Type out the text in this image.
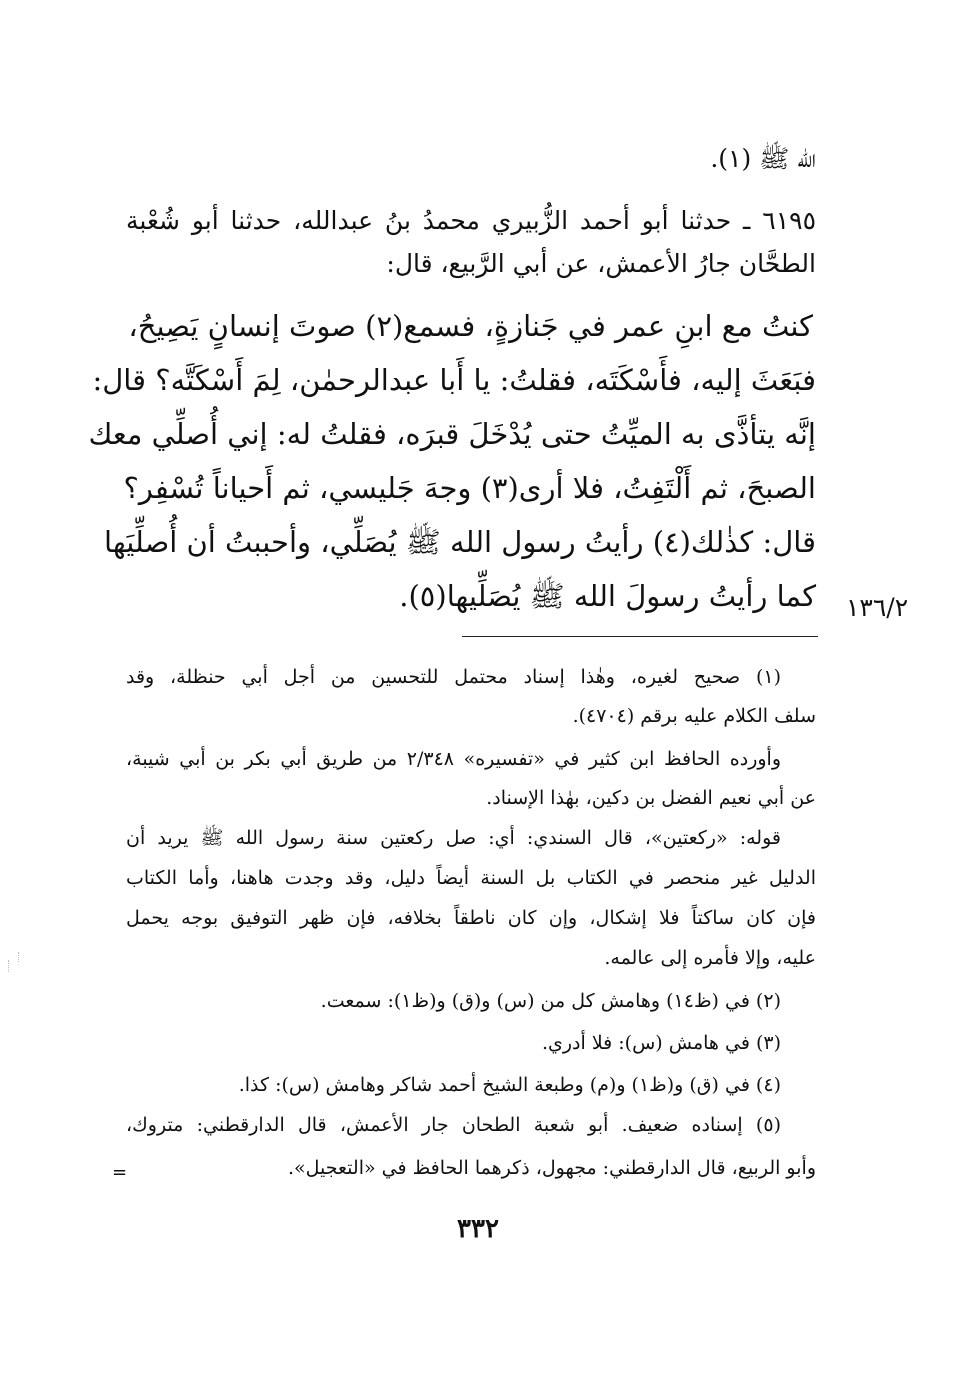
الله ﷺ (١).
٦١٩٥ ـ حدثنا أبو أحمد الزُّبيري محمدُ بنُ عبدالله، حدثنا أبو شُعْبة
الطحَّان جارُ الأعمش، عن أبي الرَّبيع، قال:
كنتُ مع ابنِ عمر في جَنازةٍ، فسمع(٢) صوتَ إنسانٍ يَصِيحُ،
فبَعَثَ إليه، فأَسْكَتَه، فقلتُ: يا أَبا عبدالرحمٰن، لِمَ أَسْكَتَّه؟ قال:
إنَّه يتأذَّى به الميِّتُ حتى يُدْخَلَ قبرَه، فقلتُ له: إني أُصلِّي معك
الصبحَ، ثم أَلْتَفِتُ، فلا أرى(٣) وجهَ جَليسي، ثم أَحياناً تُسْفِر؟
قال: كذٰلك(٤) رأيتُ رسول الله ﷺ يُصَلِّي، وأحببتُ أن أُصلِّيَها
كما رأيتُ رسولَ الله ﷺ يُصَلِّيها(٥). ١٣٦/٢
(١) صحيح لغيره، وهٰذا إسناد محتمل للتحسين من أجل أبي حنظلة، وقد
سلف الكلام عليه برقم (٤٧٠٤).
وأورده الحافظ ابن كثير في «تفسيره» ٢/٣٤٨ من طريق أبي بكر بن أبي شيبة،
عن أبي نعيم الفضل بن دكين، بهٰذا الإسناد.
قوله: «ركعتين»، قال السندي: أي: صل ركعتين سنة رسول الله ﷺ يريد أن
الدليل غير منحصر في الكتاب بل السنة أيضاً دليل، وقد وجدت هاهنا، وأما الكتاب
فإن كان ساكتاً فلا إشكال، وإن كان ناطقاً بخلافه، فإن ظهر التوفيق بوجه يحمل
عليه، وإلا فأمره إلى عالمه.
(٢) في (ظ١٤) وهامش كل من (س) و(ق) و(ظ١): سمعت.
(٣) في هامش (س): فلا أدري.
(٤) في (ق) و(ظ١) و(م) وطبعة الشيخ أحمد شاكر وهامش (س): كذا.
(٥) إسناده ضعيف. أبو شعبة الطحان جار الأعمش، قال الدارقطني: متروك،
وأبو الربيع، قال الدارقطني: مجهول، ذكرهما الحافظ في «التعجيل».
=
٣٣٢
